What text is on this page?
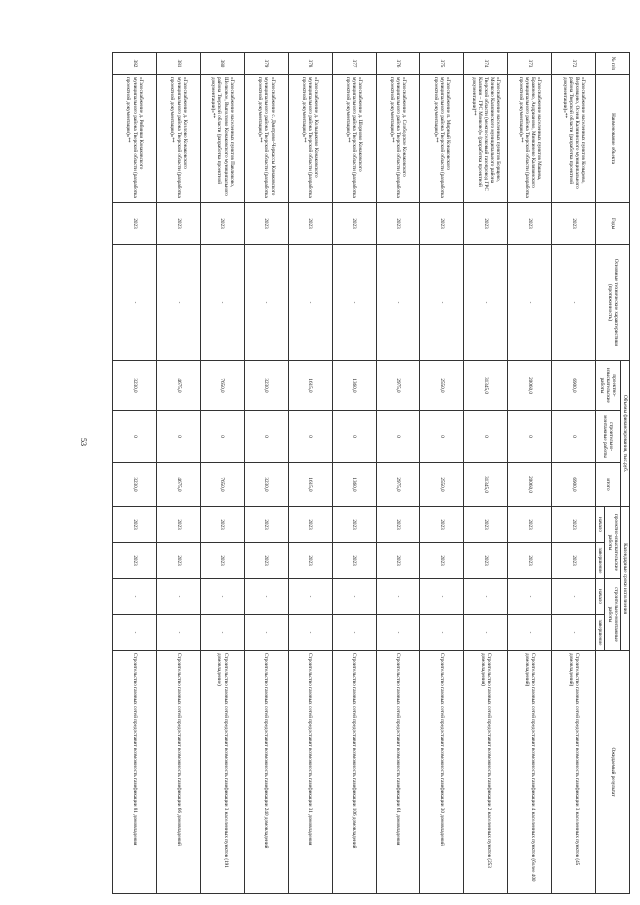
53
№ п/п	Наименование объекта	Годы	Основные технические характеристики (протяженность)	Объемы финансирования, тыс.руб.			Календарные сроки исполнения				Ожидаемый результат
				проектно-изыскательские работы	строительно-монтажные работы	итого	проектно-изыскательские работы		строительно-монтажные работы		
							начало	завершение	начало	завершение	
372	«Газоснабжение населенных пунктов Козырево, Верховцево, Осеня Калязинского муниципального района Тверской области (разработка проектной документации)»**	2023	-	6900,0	0	6900,0	2023	2023	-	-	Строительство газовых сетей предоставит возможность газификации 3 населенных пунктов (45 домовладений)
373	«Газоснабжение населенных пунктов Машева, Бражнево, Андрианово, Минкинево Калязинского муниципального района Тверской области (разработка проектной документации)»**	2023	-	20060,0	0	20060,0	2023	2023	-	-	Строительство газовых сетей предоставит возможность газификации 4 населенных пунктов (более 400 домовладений)
374	«Газоснабжение населенных пунктов Борщево, Монково Калязинского муниципального района Тверской области (межпоселковый газопровод ГРС Калязин – ГРС Монково)» (разработка проектной документации)**	2023	-	31345,0	0	31345,0	2023	2023	-	-	Строительство газовых сетей предоставит возможность газификации 2 населенных пунктов (253 домовладения)
375	«Газоснабжение п. Мирный Конаковского муниципального района Тверской области (разработка проектной документации)»**	2023	-	2550,0	0	2550,0	2023	2023	-	-	Строительство газовых сетей предоставит возможность газификации 30 домовладений
376	«Газоснабжение д. Слободское Конаковского муниципального района Тверской области (разработка проектной документации)»**	2023	-	2975,0	0	2975,0	2023	2023	-	-	Строительство газовых сетей предоставит возможность газификации 61 домовладения
377	«Газоснабжение д. Шорново Конаковского муниципального района Тверской области (разработка проектной документации)»**	2023	-	1360,0	0	1360,0	2023	2023	-	-	Строительство газовых сетей предоставит возможность газификации 106 домовладений
378	«Газоснабжение д. Кольцыково Конаковского муниципального района Тверской области (разработка проектной документации)»**	2023	-	1615,0	0	1615,0	2023	2023	-	-	Строительство газовых сетей предоставит возможность газификации 31 домовладения
379	«Газоснабжение с. Дмитрово-Черкассы Конаковского муниципального района Тверской области (разработка проектной документации)»**	2023	-	3230,0	0	3230,0	2023	2023	-	-	Строительство газовых сетей предоставит возможность газификации 240 домовладений
380	«Газоснабжение населенных пунктов Павлюково, Шелковое, Выползово Конаковского муниципального района Тверской области (разработка проектной документации)»**	2023	-	7650,0	0	7650,0	2023	2023	-	-	Строительство газовых сетей предоставит возможность газификации 3 населенных пунктов (191 домовладение)
381	«Газоснабжение д. Козлово Конаковского муниципального района Тверской области (разработка проектной документации)»**	2023	-	4675,0	0	4675,0	2023	2023	-	-	Строительство газовых сетей предоставит возможность газификации 66 домовладений
382	«Газоснабжение д. Рябинки Конаковского муниципального района Тверской области (разработка проектной документации)»**	2023	-	3230,0	0	3230,0	2023	2023	-	-	Строительство газовых сетей предоставит возможность газификации 81 домовладения
